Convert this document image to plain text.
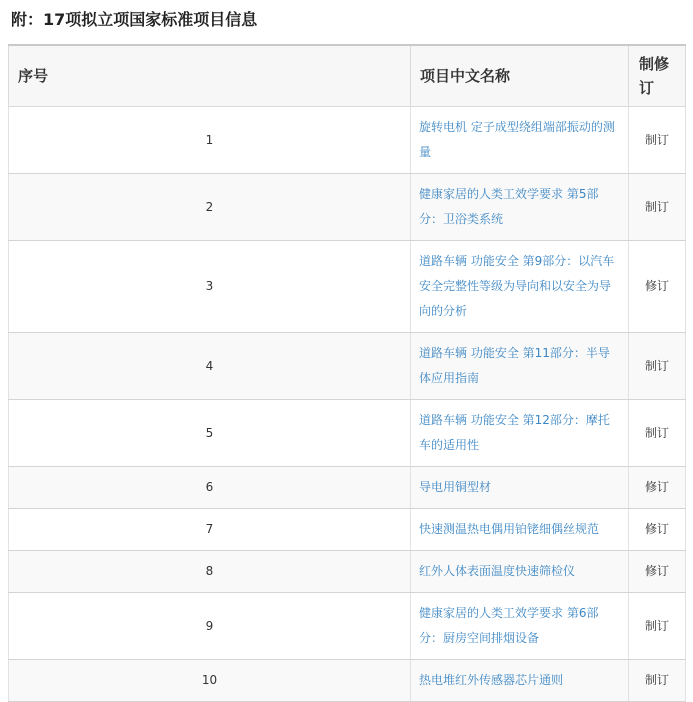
附：17项拟立项国家标准项目信息
序号	项目中文名称	制修订
1	旋转电机 定子成型绕组端部振动的测量	制订
2	健康家居的人类工效学要求 第5部分：卫浴类系统	制订
3	道路车辆 功能安全 第9部分：以汽车安全完整性等级为导向和以安全为导向的分析	修订
4	道路车辆 功能安全 第11部分：半导体应用指南	制订
5	道路车辆 功能安全 第12部分：摩托车的适用性	制订
6	导电用铜型材	修订
7	快速测温热电偶用铂铑细偶丝规范	修订
8	红外人体表面温度快速筛检仪	修订
9	健康家居的人类工效学要求 第6部分：厨房空间排烟设备	制订
10	热电堆红外传感器芯片通则	制订
